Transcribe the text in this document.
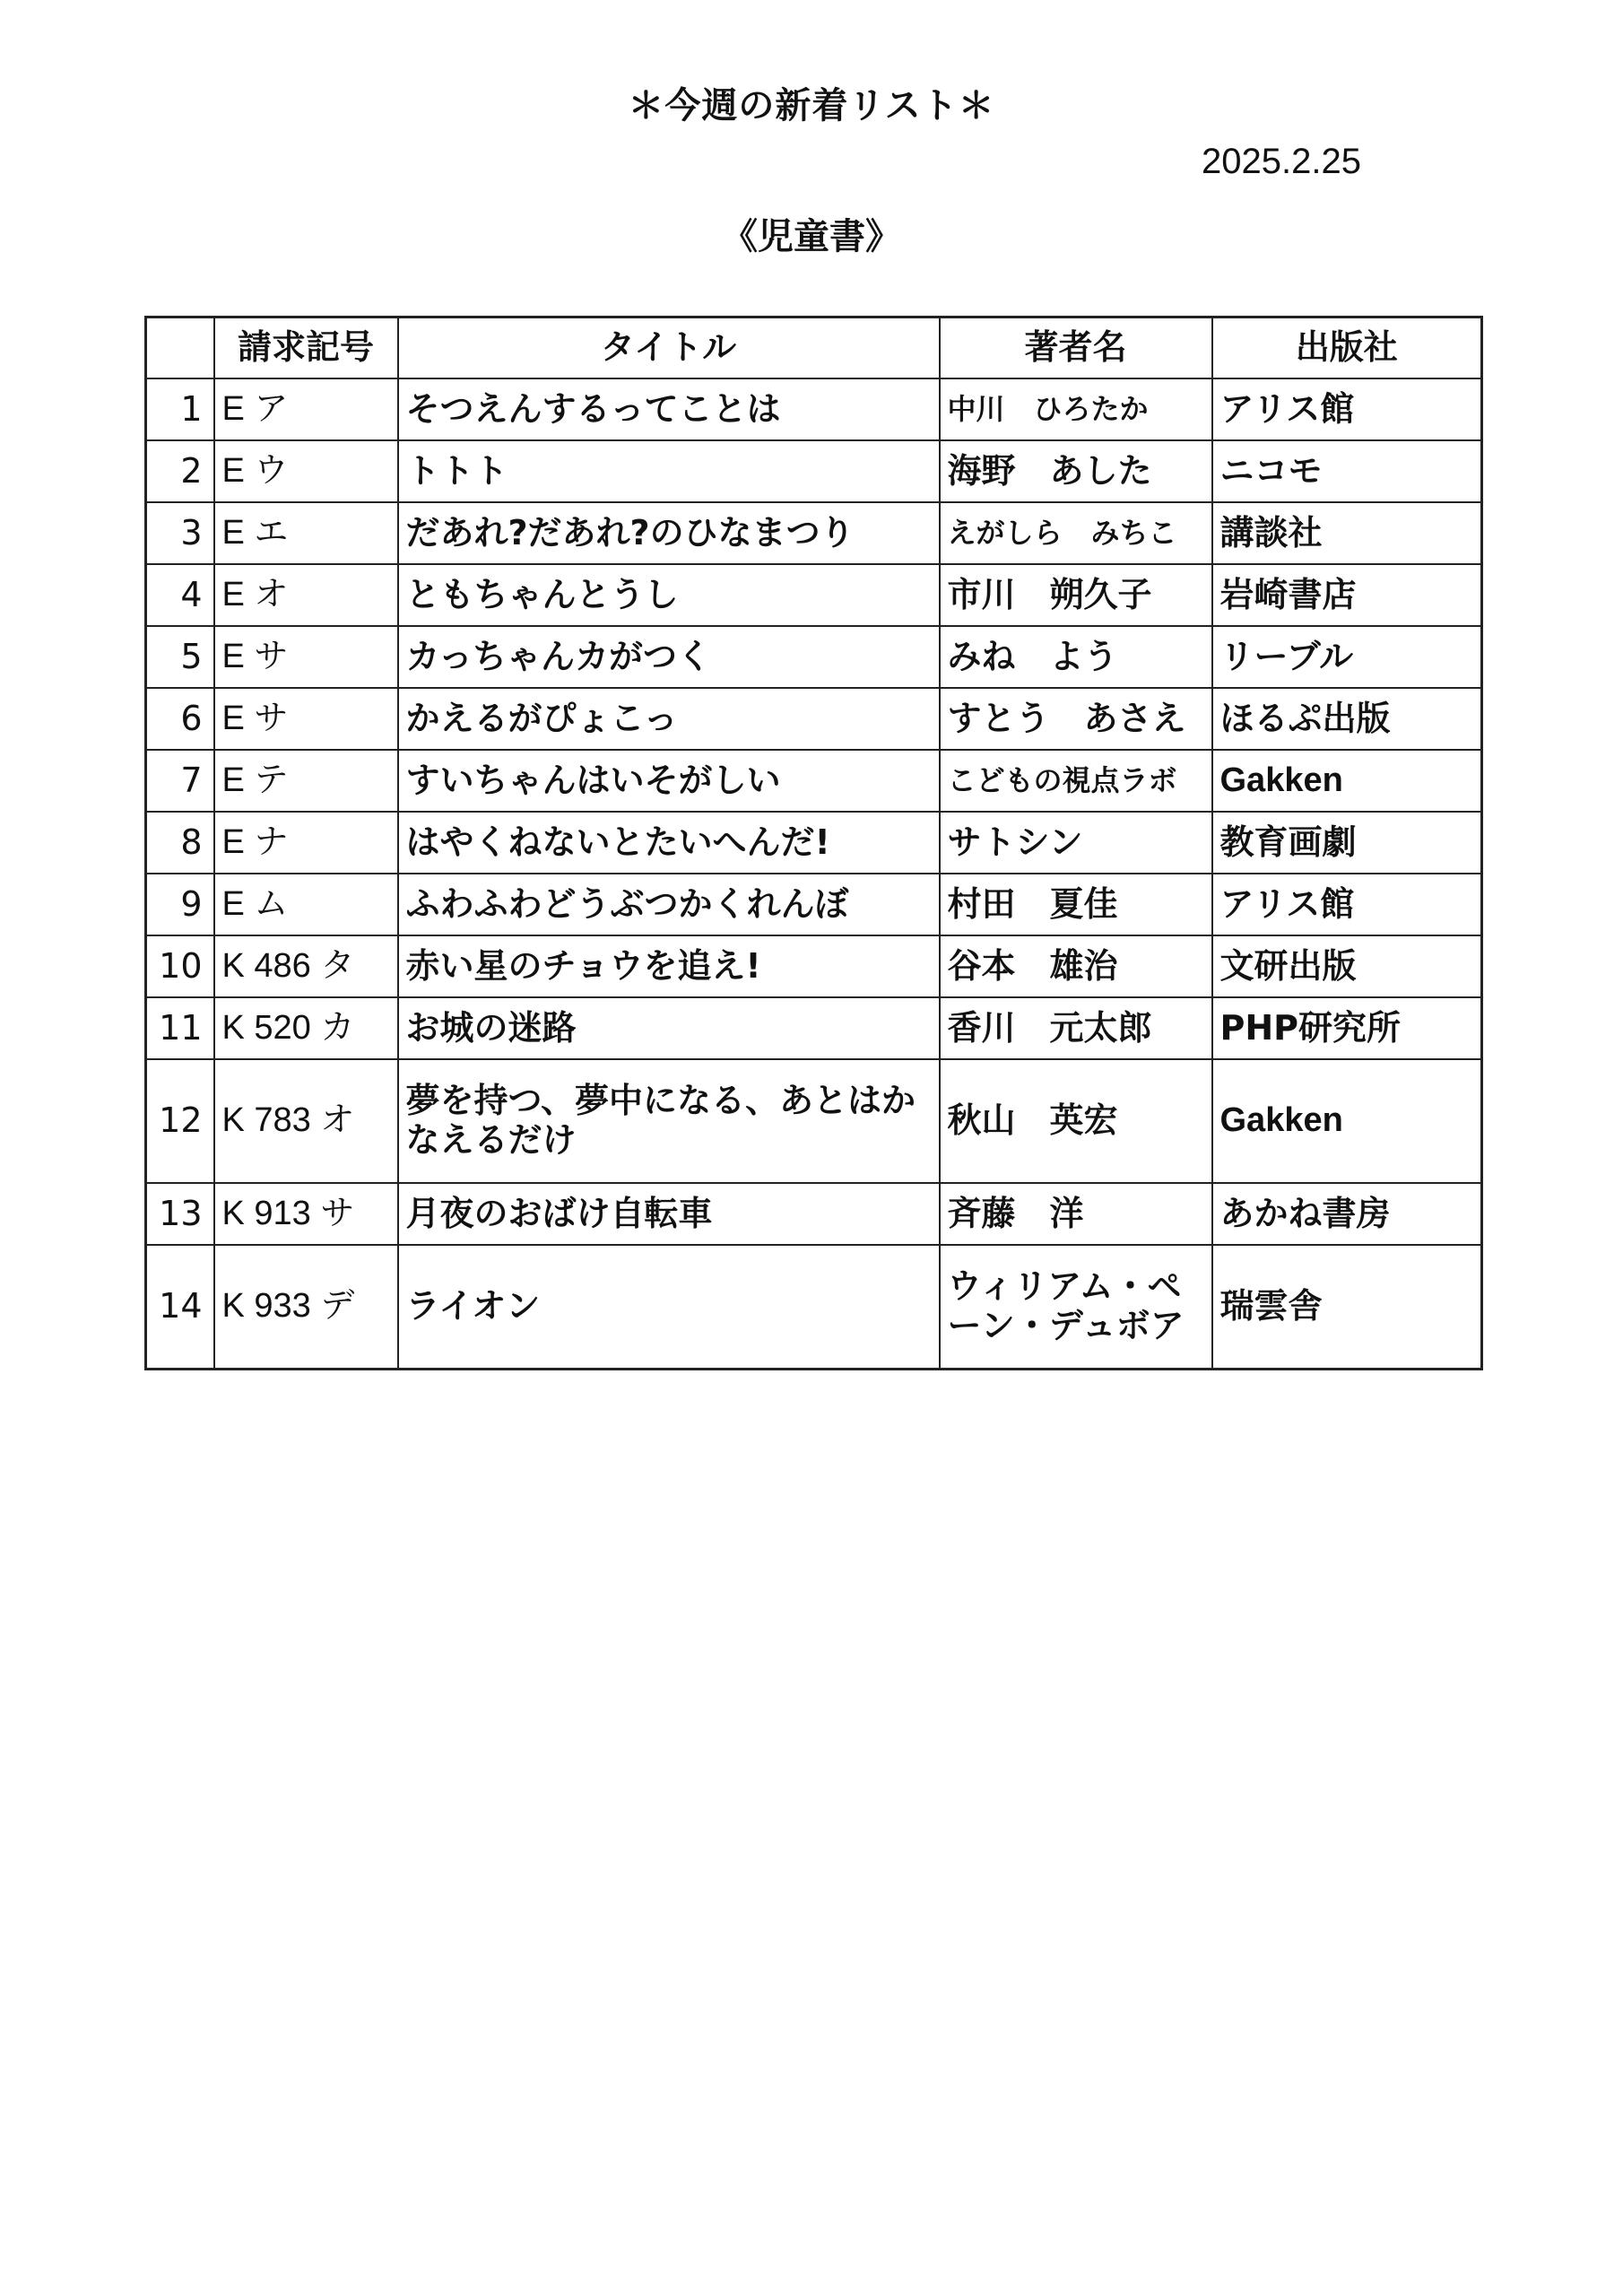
＊今週の新着リスト＊
2025.2.25
《児童書》
	請求記号	タイトル	著者名	出版社
1	E ア	そつえんするってことは	中川　ひろたか	アリス館
2	E ウ	トトト	海野　あした	ニコモ
3	E エ	だあれ?だあれ?のひなまつり	えがしら　みちこ	講談社
4	E オ	ともちゃんとうし	市川　朔久子	岩崎書店
5	E サ	カっちゃんカがつく	みね　よう	リーブル
6	E サ	かえるがぴょこっ	すとう　あさえ	ほるぷ出版
7	E テ	すいちゃんはいそがしい	こどもの視点ラボ	Gakken
8	E ナ	はやくねないとたいへんだ!	サトシン	教育画劇
9	E ム	ふわふわどうぶつかくれんぼ	村田　夏佳	アリス館
10	K 486 タ	赤い星のチョウを追え!	谷本　雄治	文研出版
11	K 520 カ	お城の迷路	香川　元太郎	PHP研究所
12	K 783 オ	夢を持つ、夢中になる、あとはかなえるだけ	秋山　英宏	Gakken
13	K 913 サ	月夜のおばけ自転車	斉藤　洋	あかね書房
14	K 933 デ	ライオン	ウィリアム・ペーン・デュボア	瑞雲舎
